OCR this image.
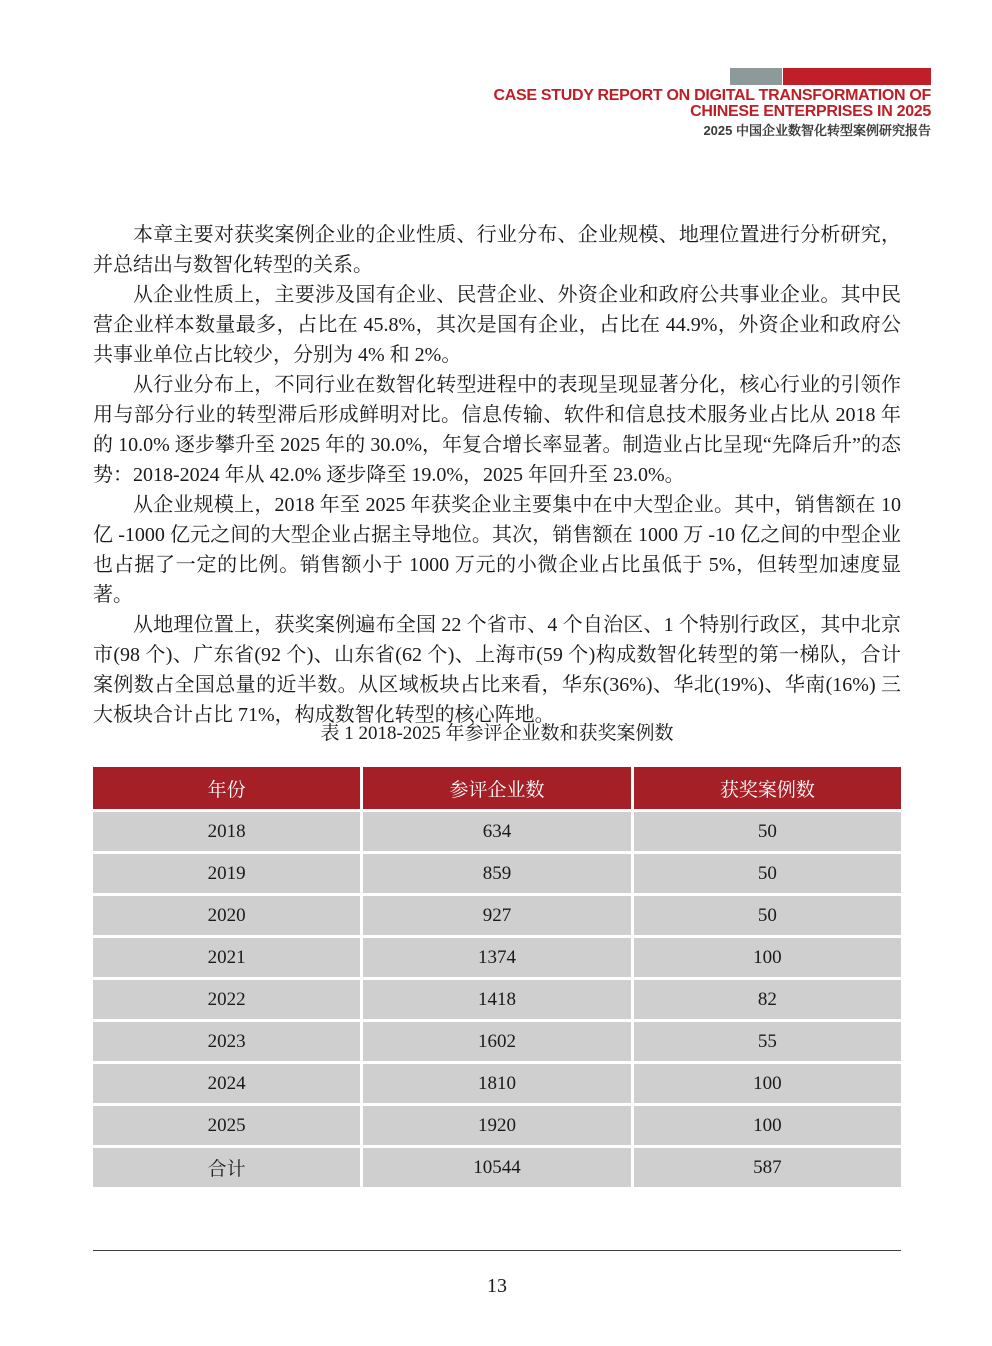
CASE STUDY REPORT ON DIGITAL TRANSFORMATION OF
CHINESE ENTERPRISES IN 2025
2025 中国企业数智化转型案例研究报告

本章主要对获奖案例企业的企业性质、行业分布、企业规模、地理位置进行分析研究，并总结出与数智化转型的关系。

从企业性质上，主要涉及国有企业、民营企业、外资企业和政府公共事业企业。其中民营企业样本数量最多，占比在 45.8%，其次是国有企业，占比在 44.9%，外资企业和政府公共事业单位占比较少，分别为 4% 和 2%。

从行业分布上，不同行业在数智化转型进程中的表现呈现显著分化，核心行业的引领作用与部分行业的转型滞后形成鲜明对比。信息传输、软件和信息技术服务业占比从 2018 年的 10.0% 逐步攀升至 2025 年的 30.0%，年复合增长率显著。制造业占比呈现“先降后升”的态势：2018-2024 年从 42.0% 逐步降至 19.0%，2025 年回升至 23.0%。

从企业规模上，2018 年至 2025 年获奖企业主要集中在中大型企业。其中，销售额在 10 亿 -1000 亿元之间的大型企业占据主导地位。其次，销售额在 1000 万 -10 亿之间的中型企业也占据了一定的比例。销售额小于 1000 万元的小微企业占比虽低于 5%，但转型加速度显著。

从地理位置上，获奖案例遍布全国 22 个省市、4 个自治区、1 个特别行政区，其中北京市(98 个)、广东省(92 个)、山东省(62 个)、上海市(59 个)构成数智化转型的第一梯队，合计案例数占全国总量的近半数。从区域板块占比来看，华东(36%)、华北(19%)、华南(16%) 三大板块合计占比 71%，构成数智化转型的核心阵地。

表 1 2018-2025 年参评企业数和获奖案例数
年份	参评企业数	获奖案例数
2018	634	50
2019	859	50
2020	927	50
2021	1374	100
2022	1418	82
2023	1602	55
2024	1810	100
2025	1920	100
合计	10544	587
13
